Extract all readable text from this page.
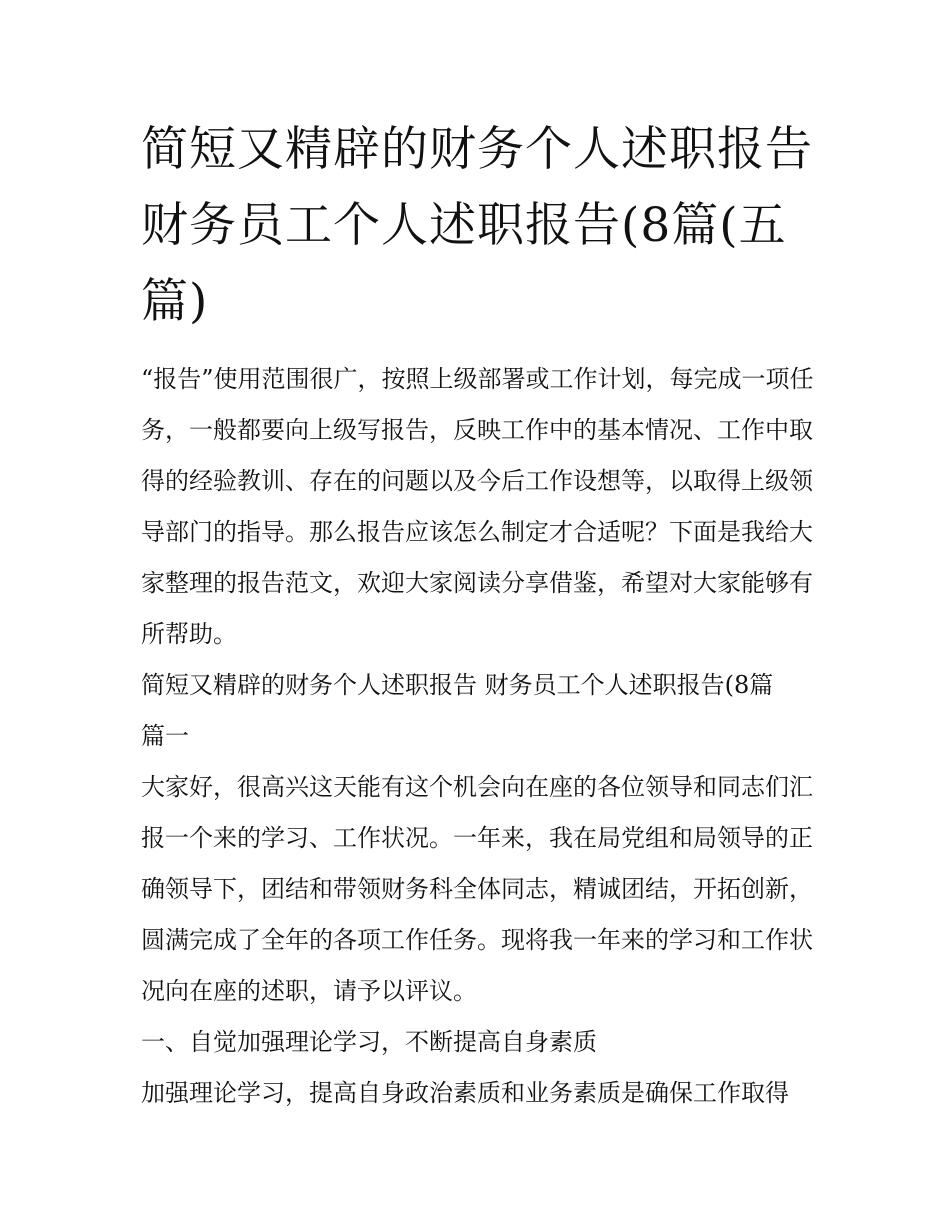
简短又精辟的财务个人述职报告 财务员工个人述职报告(8篇(五篇)

“报告”使用范围很广，按照上级部署或工作计划，每完成一项任务，一般都要向上级写报告，反映工作中的基本情况、工作中取得的经验教训、存在的问题以及今后工作设想等，以取得上级领导部门的指导。那么报告应该怎么制定才合适呢？下面是我给大家整理的报告范文，欢迎大家阅读分享借鉴，希望对大家能够有所帮助。

简短又精辟的财务个人述职报告 财务员工个人述职报告(8篇

篇一

大家好，很高兴这天能有这个机会向在座的各位领导和同志们汇报一个来的学习、工作状况。一年来，我在局党组和局领导的正确领导下，团结和带领财务科全体同志，精诚团结，开拓创新，圆满完成了全年的各项工作任务。现将我一年来的学习和工作状况向在座的述职，请予以评议。

一、自觉加强理论学习，不断提高自身素质

加强理论学习，提高自身政治素质和业务素质是确保工作取得
